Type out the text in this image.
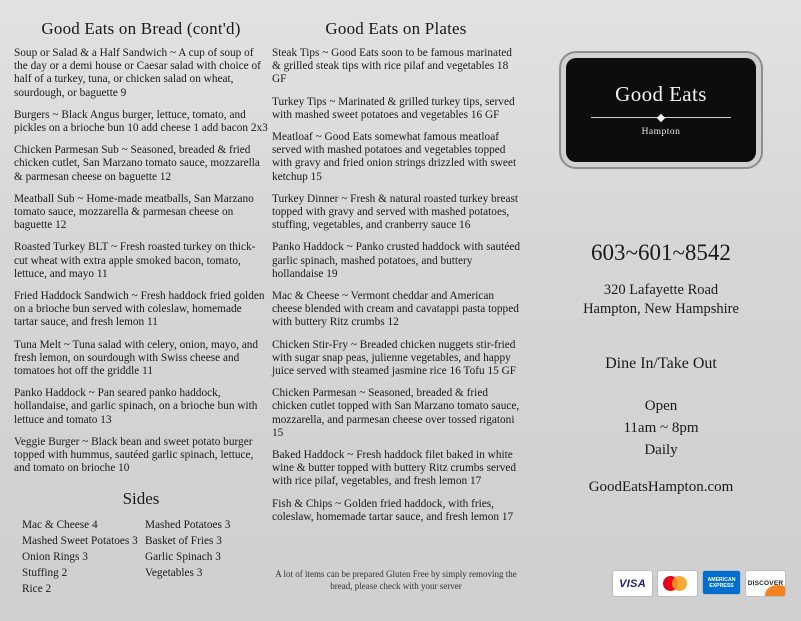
Good Eats on Bread (cont'd)
Soup or Salad & a Half Sandwich ~ A cup of soup of the day or a demi house or Caesar salad with choice of half of a turkey, tuna, or chicken salad on wheat, sourdough, or baguette 9
Burgers ~ Black Angus burger, lettuce, tomato, and pickles on a brioche bun 10 add cheese 1 add bacon 2x3
Chicken Parmesan Sub ~ Seasoned, breaded & fried chicken cutlet, San Marzano tomato sauce, mozzarella & parmesan cheese on baguette 12
Meatball Sub ~ Home-made meatballs, San Marzano tomato sauce, mozzarella & parmesan cheese on baguette 12
Roasted Turkey BLT ~ Fresh roasted turkey on thick-cut wheat with extra apple smoked bacon, tomato, lettuce, and mayo 11
Fried Haddock Sandwich ~ Fresh haddock fried golden on a brioche bun served with coleslaw, homemade tartar sauce, and fresh lemon 11
Tuna Melt ~ Tuna salad with celery, onion, mayo, and fresh lemon, on sourdough with Swiss cheese and tomatoes hot off the griddle 11
Panko Haddock ~ Pan seared panko haddock, hollandaise, and garlic spinach, on a brioche bun with lettuce and tomato 13
Veggie Burger ~ Black bean and sweet potato burger topped with hummus, sautéed garlic spinach, lettuce, and tomato on brioche 10
Sides
Mac & Cheese 4
Mashed Sweet Potatoes 3
Onion Rings 3
Stuffing 2
Rice 2
Mashed Potatoes 3
Basket of Fries 3
Garlic Spinach 3
Vegetables 3
Good Eats on Plates
Steak Tips ~ Good Eats soon to be famous marinated & grilled steak tips with rice pilaf and vegetables 18 GF
Turkey Tips ~ Marinated & grilled turkey tips, served with mashed sweet potatoes and vegetables 16 GF
Meatloaf ~ Good Eats somewhat famous meatloaf served with mashed potatoes and vegetables topped with gravy and fried onion strings drizzled with sweet ketchup 15
Turkey Dinner ~ Fresh & natural roasted turkey breast topped with gravy and served with mashed potatoes, stuffing, vegetables, and cranberry sauce 16
Panko Haddock ~ Panko crusted haddock with sautéed garlic spinach, mashed potatoes, and buttery hollandaise 19
Mac & Cheese ~ Vermont cheddar and American cheese blended with cream and cavatappi pasta topped with buttery Ritz crumbs 12
Chicken Stir-Fry ~ Breaded chicken nuggets stir-fried with sugar snap peas, julienne vegetables, and happy juice served with steamed jasmine rice 16 Tofu 15 GF
Chicken Parmesan ~ Seasoned, breaded & fried chicken cutlet topped with San Marzano tomato sauce, mozzarella, and parmesan cheese over tossed rigatoni 15
Baked Haddock ~ Fresh haddock filet baked in white wine & butter topped with buttery Ritz crumbs served with rice pilaf, vegetables, and fresh lemon 17
Fish & Chips ~ Golden fried haddock, with fries, coleslaw, homemade tartar sauce, and fresh lemon 17
A lot of items can be prepared Gluten Free by simply removing the bread, please check with your server
Good Eats
Hampton
603~601~8542
320 Lafayette Road
Hampton, New Hampshire
Dine In/Take Out
Open
11am ~ 8pm
Daily
GoodEatsHampton.com
VISA	AMERICAN EXPRESS	DISCOVER
